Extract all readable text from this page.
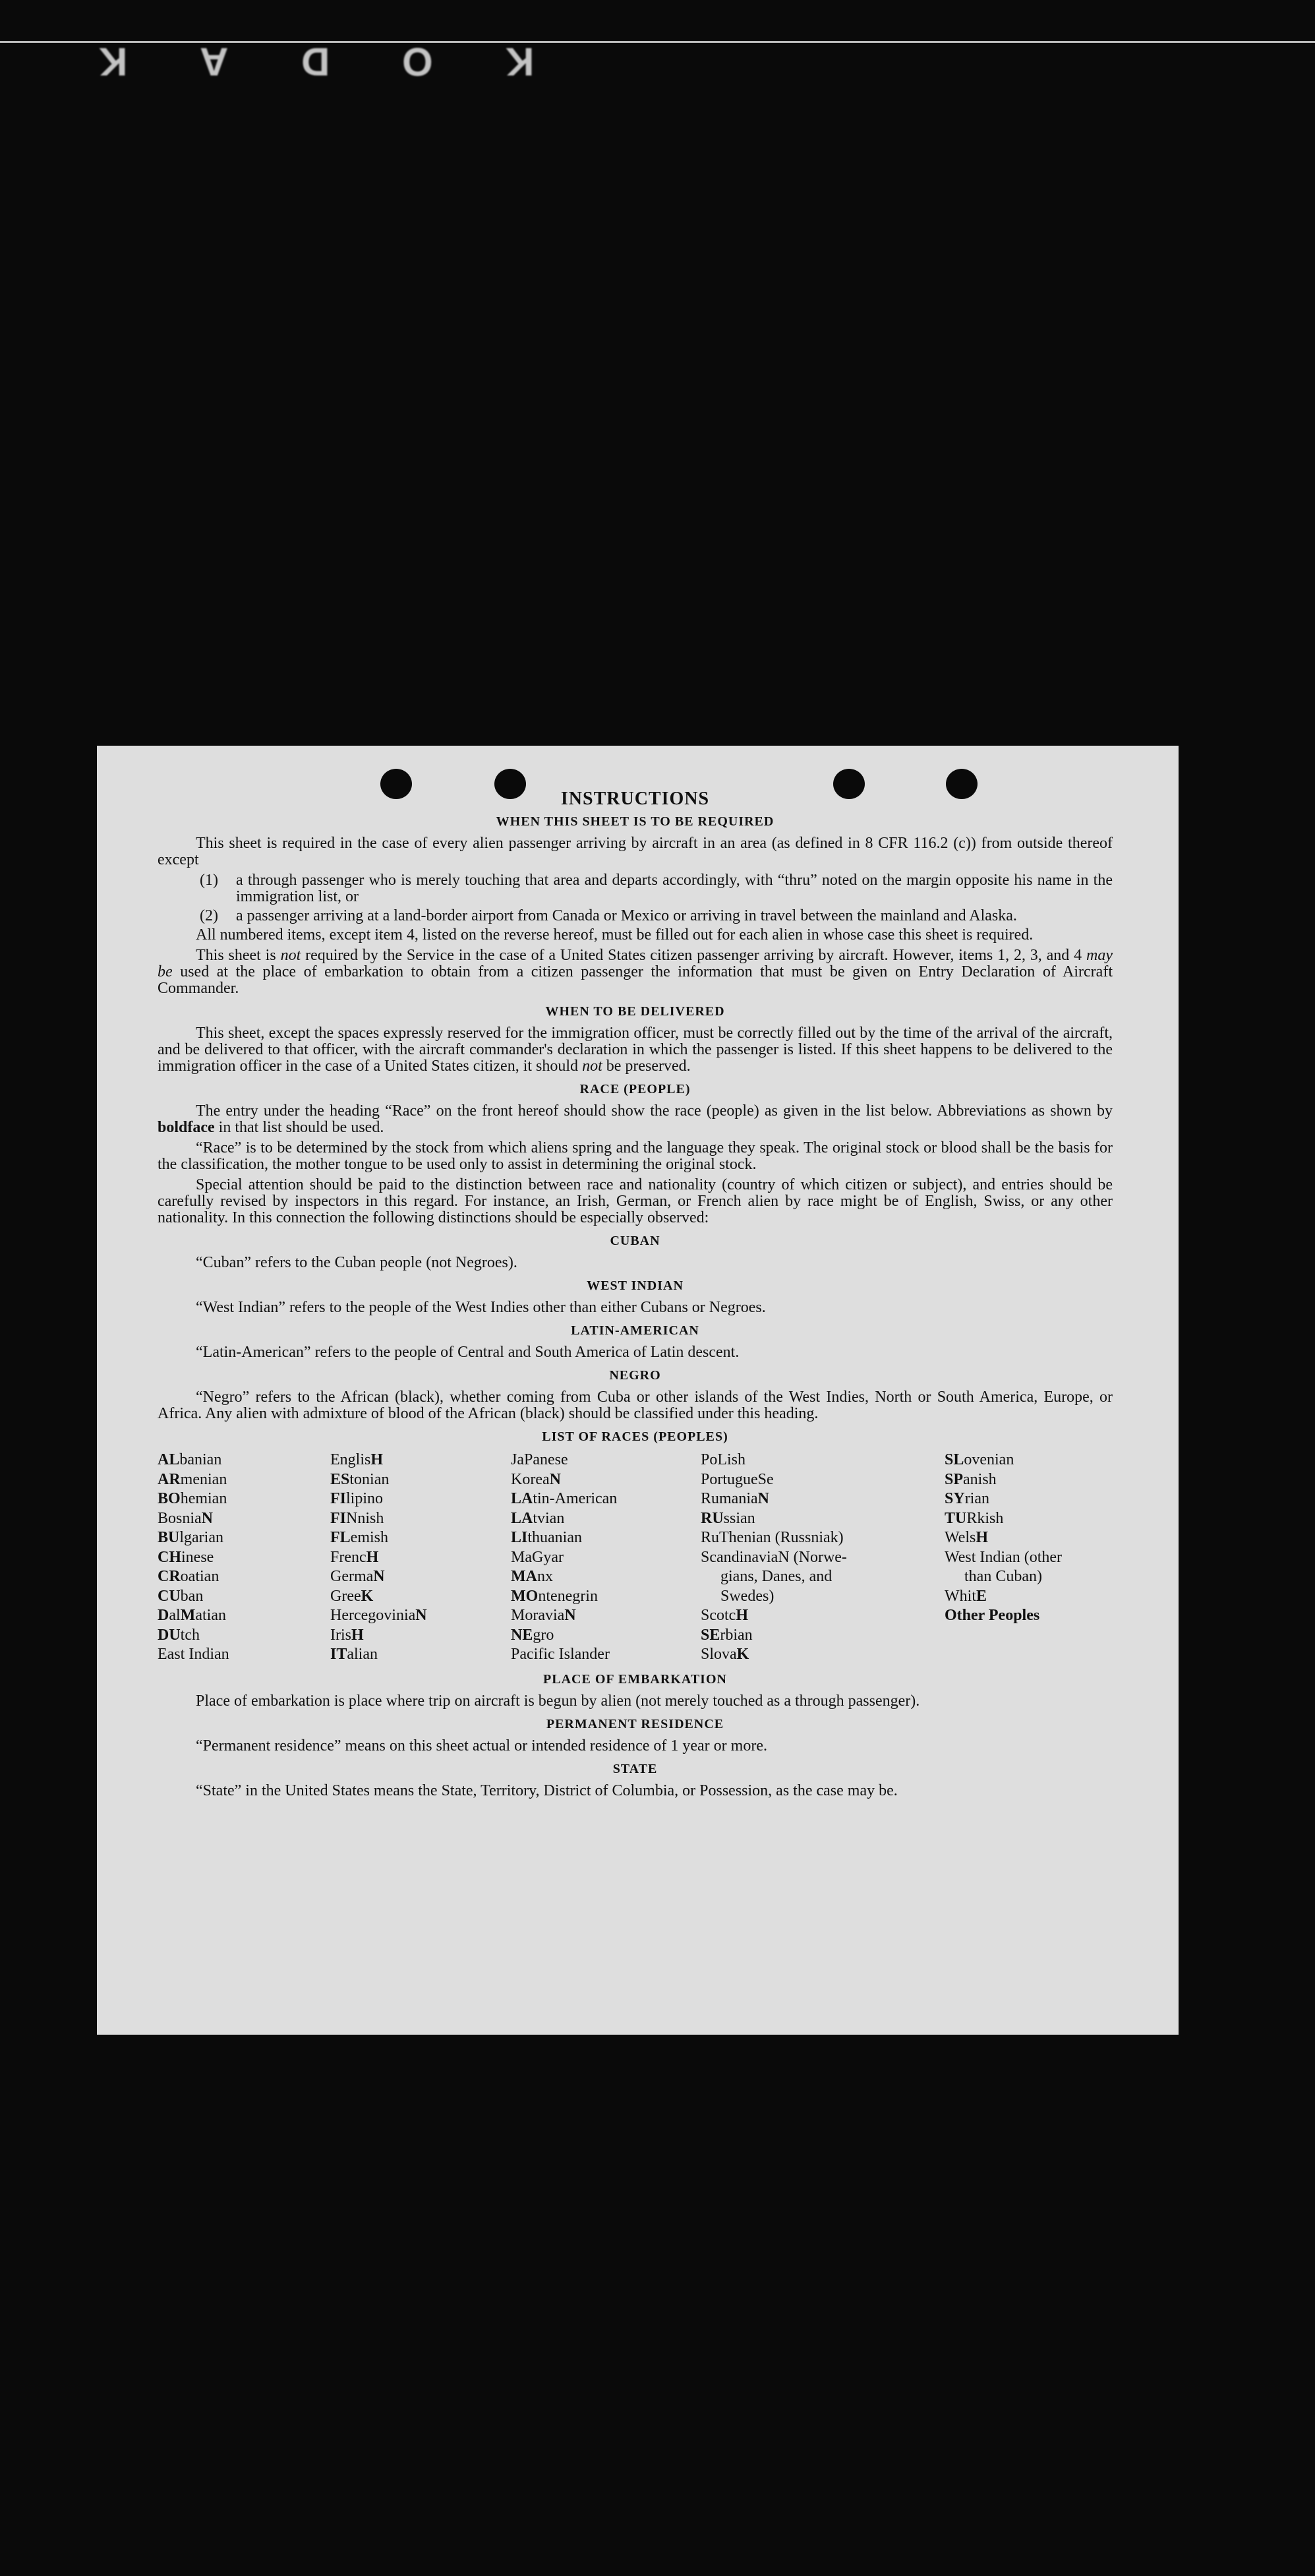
K A D O K
INSTRUCTIONS
WHEN THIS SHEET IS TO BE REQUIRED

This sheet is required in the case of every alien passenger arriving by aircraft in an area (as defined in 8 CFR 116.2 (c)) from outside thereof except

(1)	a through passenger who is merely touching that area and departs accordingly, with “thru” noted on the margin opposite his name in the immigration list, or
(2)	a passenger arriving at a land-border airport from Canada or Mexico or arriving in travel between the mainland and Alaska.

All numbered items, except item 4, listed on the reverse hereof, must be filled out for each alien in whose case this sheet is required.

This sheet is not required by the Service in the case of a United States citizen passenger arriving by aircraft. However, items 1, 2, 3, and 4 may be used at the place of embarkation to obtain from a citizen passenger the information that must be given on Entry Declaration of Aircraft Commander.

WHEN TO BE DELIVERED

This sheet, except the spaces expressly reserved for the immigration officer, must be correctly filled out by the time of the arrival of the aircraft, and be delivered to that officer, with the aircraft commander's declaration in which the passenger is listed. If this sheet happens to be delivered to the immigration officer in the case of a United States citizen, it should not be preserved.

RACE (PEOPLE)

The entry under the heading “Race” on the front hereof should show the race (people) as given in the list below. Abbreviations as shown by boldface in that list should be used.

“Race” is to be determined by the stock from which aliens spring and the language they speak. The original stock or blood shall be the basis for the classification, the mother tongue to be used only to assist in determining the original stock.

Special attention should be paid to the distinction between race and nationality (country of which citizen or subject), and entries should be carefully revised by inspectors in this regard. For instance, an Irish, German, or French alien by race might be of English, Swiss, or any other nationality. In this connection the following distinctions should be especially observed:

CUBAN

“Cuban” refers to the Cuban people (not Negroes).

WEST INDIAN

“West Indian” refers to the people of the West Indies other than either Cubans or Negroes.

LATIN-AMERICAN

“Latin-American” refers to the people of Central and South America of Latin descent.

NEGRO

“Negro” refers to the African (black), whether coming from Cuba or other islands of the West Indies, North or South America, Europe, or Africa. Any alien with admixture of blood of the African (black) should be classified under this heading.

LIST OF RACES (PEOPLES)
ALbanian
ARmenian
BOhemian
BosniaN
BUlgarian
CHinese
CRoatian
CUban
DalMatian
DUtch
East Indian
EnglisH
EStonian
FIlipino
FINnish
FLemish
FrencH
GermaN
GreeK
HercegoviniaN
IrisH
ITalian
JaPanese
KoreaN
LAtin-American
LAtvian
LIthuanian
MaGyar
MAnx
MOntenegrin
MoraviaN
NEgro
Pacific Islander
PoLish
PortugueSe
RumaniaN
RUssian
RuThenian (Russniak)
ScandinaviaN (Norwe-
gians, Danes, and
Swedes)
ScotcH
SErbian
SlovaK
SLovenian
SPanish
SYrian
TURkish
WelsH
West Indian (other
than Cuban)
WhitE
Other Peoples
PLACE OF EMBARKATION

Place of embarkation is place where trip on aircraft is begun by alien (not merely touched as a through passenger).

PERMANENT RESIDENCE

“Permanent residence” means on this sheet actual or intended residence of 1 year or more.

STATE

“State” in the United States means the State, Territory, District of Columbia, or Possession, as the case may be.
